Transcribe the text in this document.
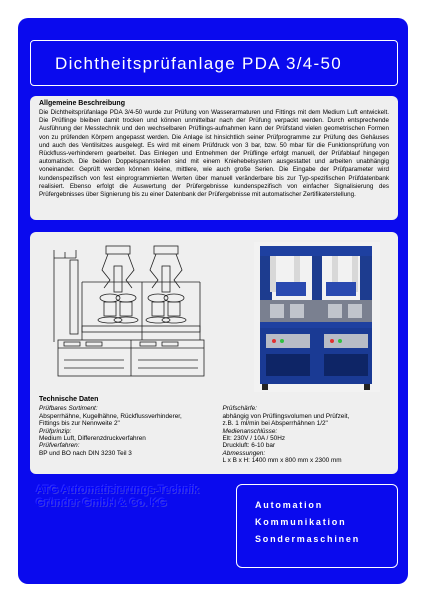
Dichtheitsprüfanlage PDA 3/4-50
Allgemeine Beschreibung
Die Dichtheitsprüfanlage PDA 3/4-50 wurde zur Prüfung von Wasserarmaturen und Fittings mit dem Medium Luft entwickelt. Die Prüflinge bleiben damit trocken und können unmittelbar nach der Prüfung verpackt werden. Durch entsprechende Ausführung der Messtechnik und den wechselbaren Prüflings-aufnahmen kann der Prüfstand vielen geometrischen Formen von zu prüfenden Körpern angepasst werden. Die Anlage ist hinsichtlich seiner Prüfprogramme zur Prüfung des Gehäuses und auch des Ventilsitzes ausgelegt. Es wird mit einem Prüfdruck von 3 bar, bzw. 50 mbar für die Funktionsprüfung von Rückfluss-verhinderern gearbeitet. Das Einlegen und Entnehmen der Prüflinge erfolgt manuell, der Prüfablauf hingegen automatisch. Die beiden Doppelspannstellen sind mit einem Kniehebelsystem ausgestattet und arbeiten unabhängig voneinander. Geprüft werden können kleine, mittlere, wie auch große Serien. Die Eingabe der Prüfparameter wird kundenspezifisch von fest einprogrammierten Werten über manuell veränderbare bis zur Typ-spezifischen Prüfdatenbank realisiert. Ebenso erfolgt die Auswertung der Prüfergebnisse kundenspezifisch von einfacher Signalisierung des Prüfergebnisses über Signierung bis zu einer Datenbank der Prüfergebnisse mit automatischer Zertifikaterstellung.
Technische Daten
Prüfbares Sortiment:
Absperrhähne, Kugelhähne, Rückflussverhinderer,
Fittings bis zur Nennweite 2"
Prüfprinzip:
Medium Luft, Differenzdruckverfahren
Prüfverfahren:
BP und BO nach DIN 3230 Teil 3
Prüfschärfe:
abhängig von Prüflingsvolumen und Prüfzeit,
z.B. 1 ml/min bei Absperrhähnen 1/2"
Medienanschlüsse:
Elt: 230V / 10A / 50Hz
Druckluft: 6-10 bar
Abmessungen:
L x B x H: 1400 mm x 800 mm x 2300 mm
ATG Automatisierungs-Technik
Gründer GmbH & Co. KG	Automation
Kommunikation
Sondermaschinen
